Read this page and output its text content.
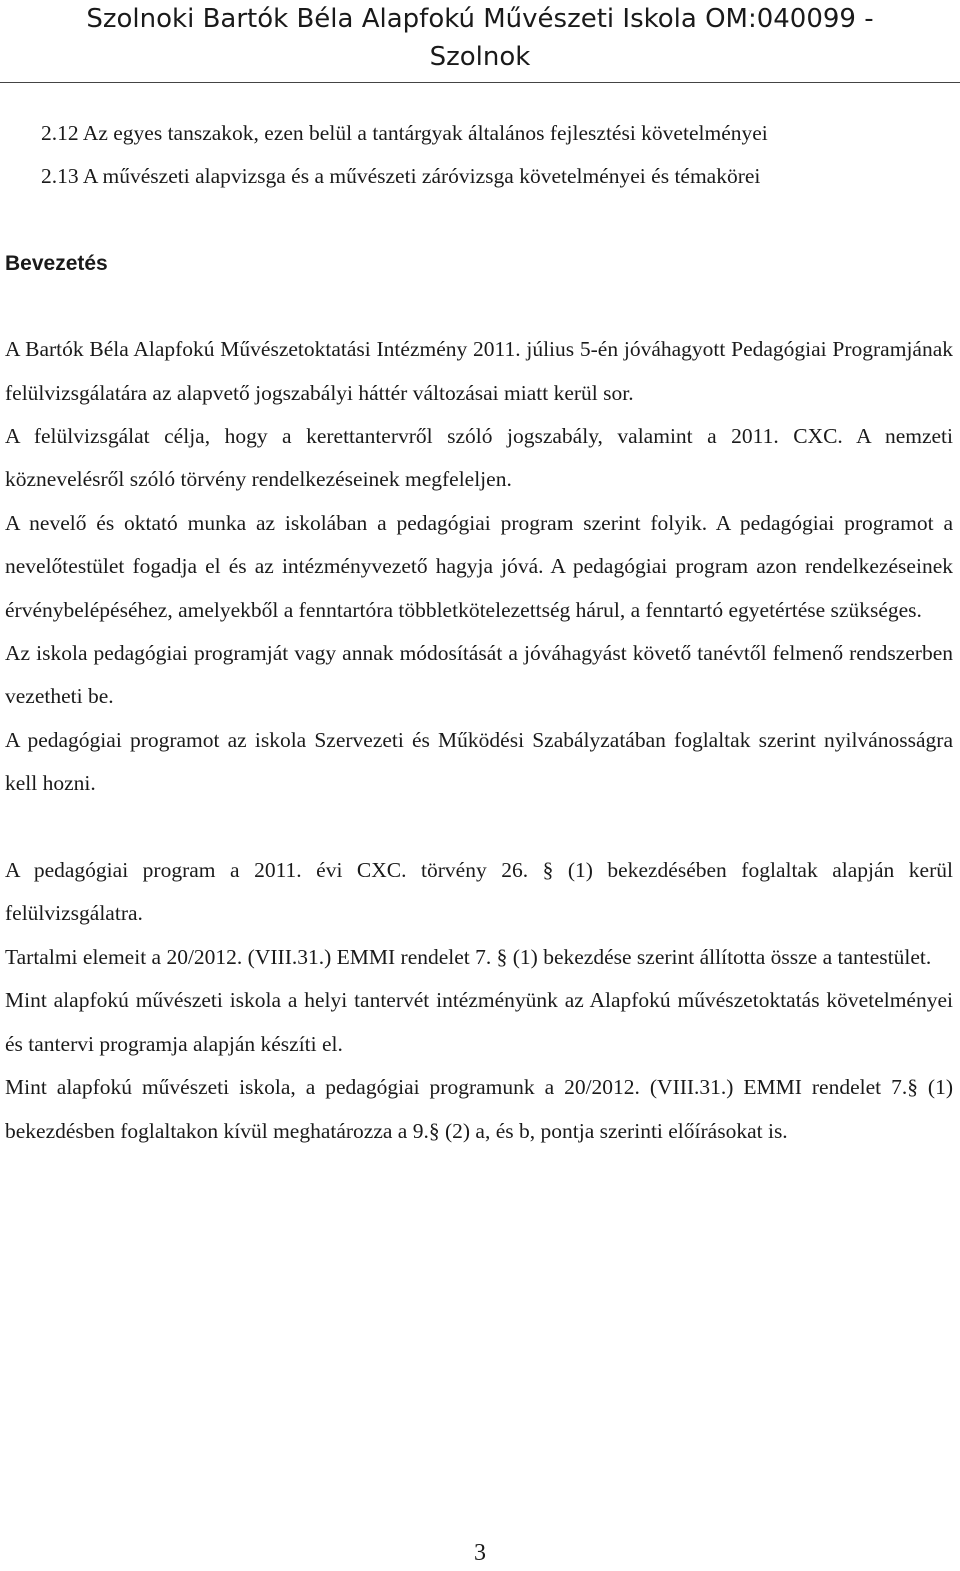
Szolnoki Bartók Béla Alapfokú Művészeti Iskola OM:040099 -
Szolnok

2.12 Az egyes tanszakok, ezen belül a tantárgyak általános fejlesztési követelményei

2.13 A művészeti alapvizsga és a művészeti záróvizsga követelményei és témakörei

Bevezetés

A Bartók Béla Alapfokú Művészetoktatási Intézmény 2011. július 5-én jóváhagyott Pedagógiai Programjának felülvizsgálatára az alapvető jogszabályi háttér változásai miatt kerül sor.

A felülvizsgálat célja, hogy a kerettantervről szóló jogszabály, valamint a 2011. CXC. A nemzeti köznevelésről szóló törvény rendelkezéseinek megfeleljen.

A nevelő és oktató munka az iskolában a pedagógiai program szerint folyik. A pedagógiai programot a nevelőtestület fogadja el és az intézményvezető hagyja jóvá. A pedagógiai program azon rendelkezéseinek érvénybelépéséhez, amelyekből a fenntartóra többletkötelezettség hárul, a fenntartó egyetértése szükséges.

Az iskola pedagógiai programját vagy annak módosítását a jóváhagyást követő tanévtől felmenő rendszerben vezetheti be.

A pedagógiai programot az iskola Szervezeti és Működési Szabályzatában foglaltak szerint nyilvánosságra kell hozni.

A pedagógiai program a 2011. évi CXC. törvény 26. § (1) bekezdésében foglaltak alapján kerül felülvizsgálatra.

Tartalmi elemeit a 20/2012. (VIII.31.) EMMI rendelet 7. § (1) bekezdése szerint állította össze a tantestület.

Mint alapfokú művészeti iskola a helyi tantervét intézményünk az Alapfokú művészetoktatás követelményei és tantervi programja alapján készíti el.

Mint alapfokú művészeti iskola, a pedagógiai programunk a 20/2012. (VIII.31.) EMMI rendelet 7.§ (1) bekezdésben foglaltakon kívül meghatározza a 9.§ (2) a, és b, pontja szerinti előírásokat is.

3
